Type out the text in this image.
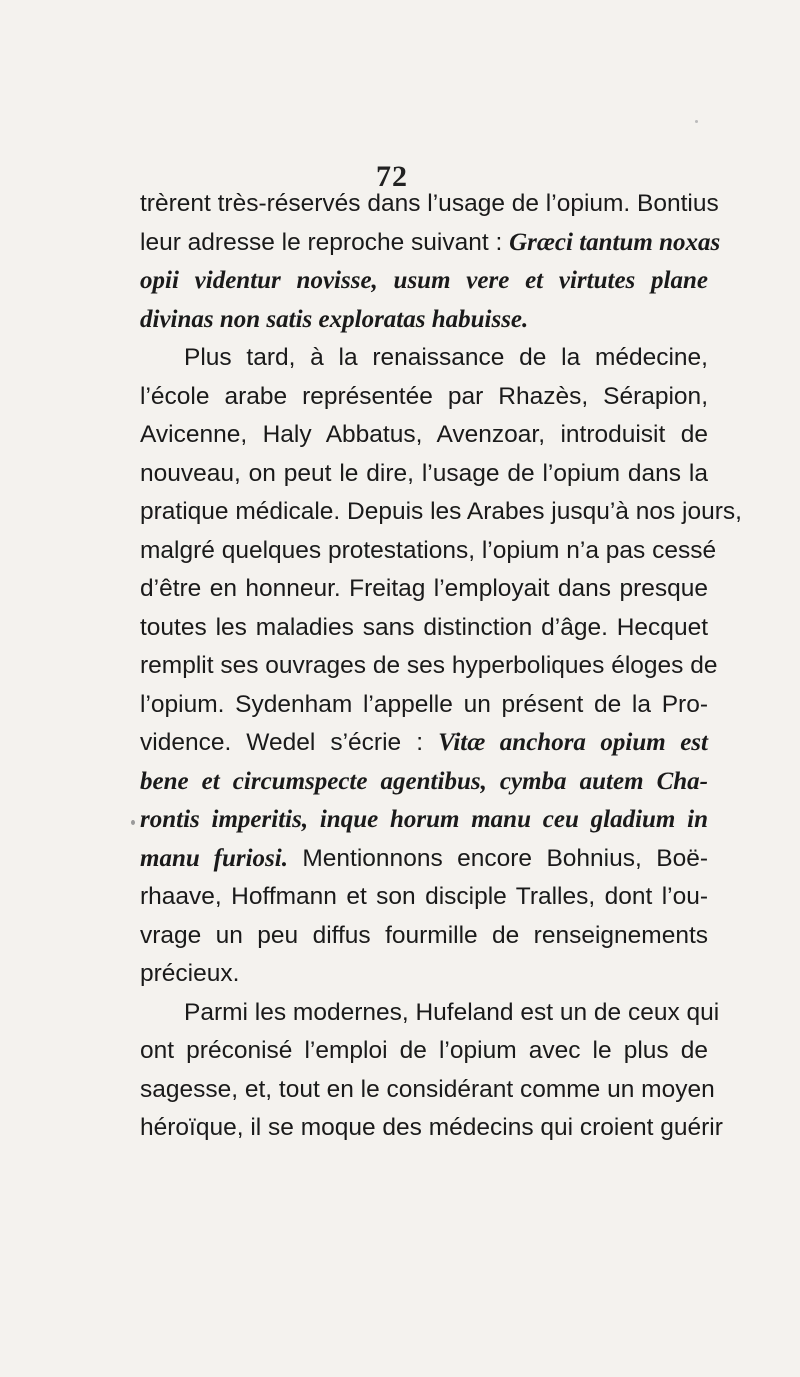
72
trèrent très-réservés dans l’usage de l’opium. Bontius
leur adresse le reproche suivant : Græci tantum noxas
opii videntur novisse, usum vere et virtutes plane
divinas non satis exploratas habuisse.
Plus tard, à la renaissance de la médecine,
l’école arabe représentée par Rhazès, Sérapion,
Avicenne, Haly Abbatus, Avenzoar, introduisit de
nouveau, on peut le dire, l’usage de l’opium dans la
pratique médicale. Depuis les Arabes jusqu’à nos jours,
malgré quelques protestations, l’opium n’a pas cessé
d’être en honneur. Freitag l’employait dans presque
toutes les maladies sans distinction d’âge. Hecquet
remplit ses ouvrages de ses hyperboliques éloges de
l’opium. Sydenham l’appelle un présent de la Pro-
vidence. Wedel s’écrie : Vitæ anchora opium est
bene et circumspecte agentibus, cymba autem Cha-
rontis imperitis, inque horum manu ceu gladium in
manu furiosi. Mentionnons encore Bohnius, Boë-
rhaave, Hoffmann et son disciple Tralles, dont l’ou-
vrage un peu diffus fourmille de renseignements
précieux.
Parmi les modernes, Hufeland est un de ceux qui
ont préconisé l’emploi de l’opium avec le plus de
sagesse, et, tout en le considérant comme un moyen
héroïque, il se moque des médecins qui croient guérir
